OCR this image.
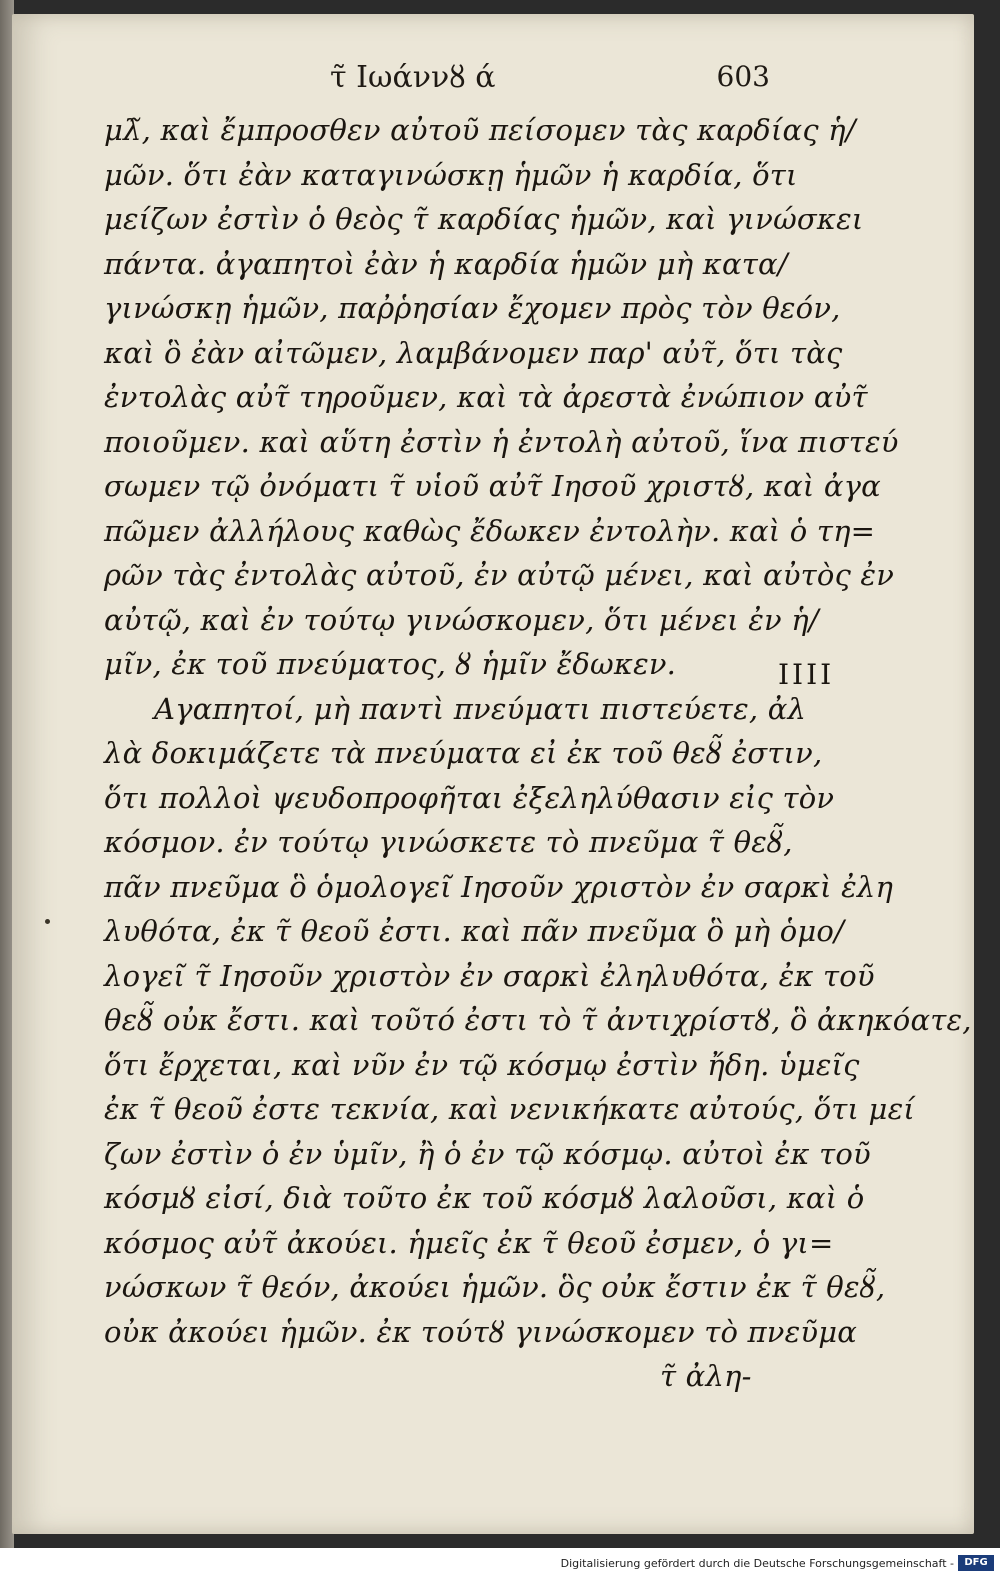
τ̃ Ιωάννȣ ά	603
μλ̃, καὶ ἔμπροσθεν αὐτοῦ πείσομεν τὰς καρδίας ἡ/
μῶν. ὅτι ἐὰν καταγινώσκῃ ἡμῶν ἡ καρδία, ὅτι
μείζων ἐστὶν ὁ θεὸς τ̃ καρδίας ἡμῶν, καὶ γινώσκει
πάντα. ἀγαπητοὶ ἐὰν ἡ καρδία ἡμῶν μὴ κατα/
γινώσκῃ ἡμῶν, παῤῥησίαν ἔχομεν πρὸς τὸν θεόν,
καὶ ὃ ἐὰν αἰτῶμεν, λαμβάνομεν παρ' αὐτ̃, ὅτι τὰς
ἐντολὰς αὐτ̃ τηροῦμεν, καὶ τὰ ἀρεστὰ ἐνώπιον αὐτ̃
ποιοῦμεν. καὶ αὕτη ἐστὶν ἡ ἐντολὴ αὐτοῦ, ἵνα πιστεύ
σωμεν τῷ ὀνόματι τ̃ υἱοῦ αὐτ̃ Ιησοῦ χριστȣ, καὶ ἀγα
πῶμεν ἀλλήλους καθὼς ἔδωκεν ἐντολὴν. καὶ ὁ τη=
ρῶν τὰς ἐντολὰς αὐτοῦ, ἐν αὐτῷ μένει, καὶ αὐτὸς ἐν
αὐτῷ, καὶ ἐν τούτῳ γινώσκομεν, ὅτι μένει ἐν ἡ/
μῖν, ἐκ τοῦ πνεύματος, ȣ ἡμῖν ἔδωκεν.
Αγαπητοί, μὴ παντὶ πνεύματι πιστεύετε, ἀλ
λὰ δοκιμάζετε τὰ πνεύματα εἰ ἐκ τοῦ θεȣ̃ ἐστιν,
ὅτι πολλοὶ ψευδοπροφῆται ἐξεληλύθασιν εἰς τὸν
κόσμον. ἐν τούτῳ γινώσκετε τὸ πνεῦμα τ̃ θεȣ̃,
πᾶν πνεῦμα ὃ ὁμολογεῖ Ιησοῦν χριστὸν ἐν σαρκὶ ἐλη
λυθότα, ἐκ τ̃ θεοῦ ἐστι. καὶ πᾶν πνεῦμα ὃ μὴ ὁμο/
λογεῖ τ̃ Ιησοῦν χριστὸν ἐν σαρκὶ ἐληλυθότα, ἐκ τοῦ
θεȣ̃ οὐκ ἔστι. καὶ τοῦτό ἐστι τὸ τ̃ ἀντιχρίστȣ, ὃ ἀκηκόατε,
ὅτι ἔρχεται, καὶ νῦν ἐν τῷ κόσμῳ ἐστὶν ἤδη. ὑμεῖς
ἐκ τ̃ θεοῦ ἐστε τεκνία, καὶ νενικήκατε αὐτούς, ὅτι μεί
ζων ἐστὶν ὁ ἐν ὑμῖν, ἢ ὁ ἐν τῷ κόσμῳ. αὐτοὶ ἐκ τοῦ
κόσμȣ εἰσί, διὰ τοῦτο ἐκ τοῦ κόσμȣ λαλοῦσι, καὶ ὁ
κόσμος αὐτ̃ ἀκούει. ἡμεῖς ἐκ τ̃ θεοῦ ἐσμεν, ὁ γι=
νώσκων τ̃ θεόν, ἀκούει ἡμῶν. ὃς οὐκ ἔστιν ἐκ τ̃ θεȣ̃,
οὐκ ἀκούει ἡμῶν. ἐκ τούτȣ γινώσκομεν τὸ πνεῦμα
τ̃ ἀλη-
IIII
Digitalisierung gefördert durch die Deutsche Forschungsgemeinschaft -	DFG
